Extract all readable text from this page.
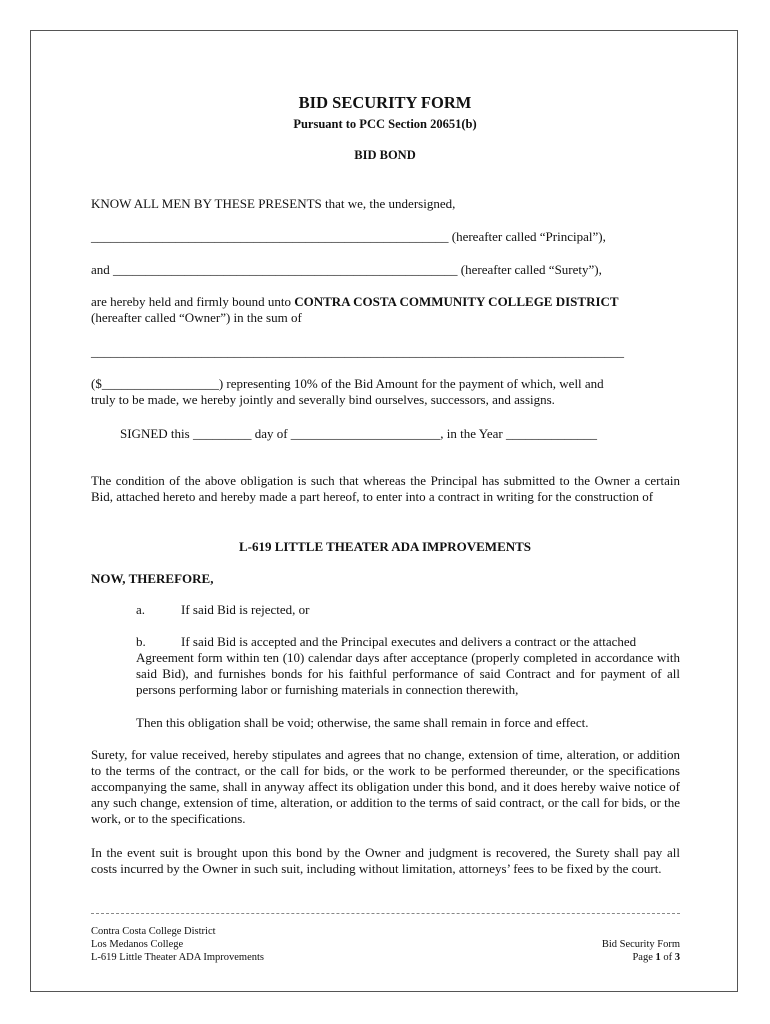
BID SECURITY FORM
Pursuant to PCC Section 20651(b)
BID BOND
KNOW ALL MEN BY THESE PRESENTS that we, the undersigned,
_______________________________________________________ (hereafter called “Principal”),
and _____________________________________________________ (hereafter called “Surety”),
are hereby held and firmly bound unto CONTRA COSTA COMMUNITY COLLEGE DISTRICT
(hereafter called “Owner”) in the sum of
__________________________________________________________________________________
($__________________) representing 10% of the Bid Amount for the payment of which, well and
truly to be made, we hereby jointly and severally bind ourselves, successors, and assigns.
SIGNED this _________ day of _______________________, in the Year ______________
The condition of the above obligation is such that whereas the Principal has submitted to the Owner a certain Bid, attached hereto and hereby made a part hereof, to enter into a contract in writing for the construction of
L-619 LITTLE THEATER ADA IMPROVEMENTS
NOW, THEREFORE,
a.	If said Bid is rejected, or
b.	If said Bid is accepted and the Principal executes and delivers a contract or the attached
Agreement form within ten (10) calendar days after acceptance (properly completed in accordance with said Bid), and furnishes bonds for his faithful performance of said Contract and for payment of all persons performing labor or furnishing materials in connection therewith,
Then this obligation shall be void; otherwise, the same shall remain in force and effect.
Surety, for value received, hereby stipulates and agrees that no change, extension of time, alteration, or addition to the terms of the contract, or the call for bids, or the work to be performed thereunder, or the specifications accompanying the same, shall in anyway affect its obligation under this bond, and it does hereby waive notice of any such change, extension of time, alteration, or addition to the terms of said contract, or the call for bids, or the work, or to the specifications.
In the event suit is brought upon this bond by the Owner and judgment is recovered, the Surety shall pay all costs incurred by the Owner in such suit, including without limitation, attorneys’ fees to be fixed by the court.
Contra Costa College District
Los Medanos College
L-619 Little Theater ADA Improvements
Bid Security Form
Page 1 of 3
